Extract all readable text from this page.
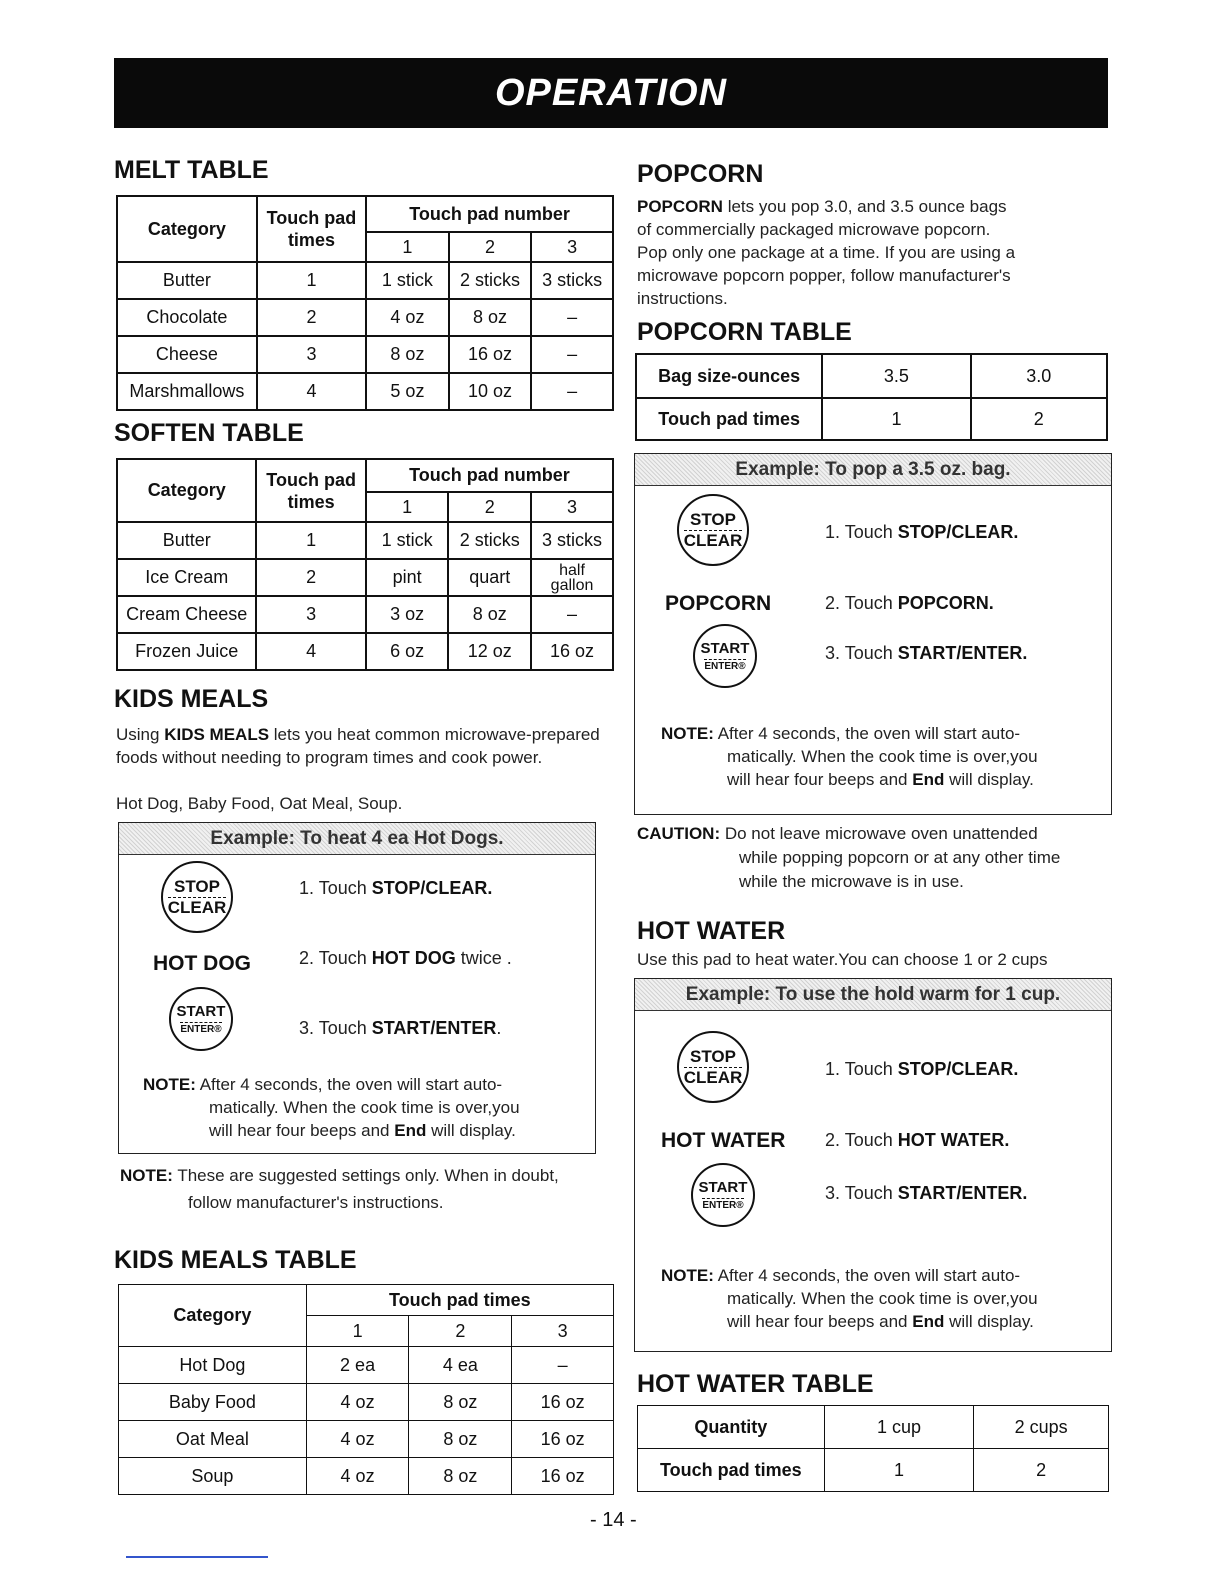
OPERATION
MELT TABLE
Category	Touch pad times	Touch pad number		
		1	2	3
Butter	1	1 stick	2 sticks	3 sticks
Chocolate	2	4 oz	8 oz	–
Cheese	3	8 oz	16 oz	–
Marshmallows	4	5 oz	10 oz	–
SOFTEN TABLE
Category	Touch pad times	Touch pad number		
		1	2	3
Butter	1	1 stick	2 sticks	3 sticks
Ice Cream	2	pint	quart	half gallon
Cream Cheese	3	3 oz	8 oz	–
Frozen Juice	4	6 oz	12 oz	16 oz
KIDS MEALS
Using KIDS MEALS lets you heat common microwave-prepared foods without needing to program times and cook power.
Hot Dog, Baby Food, Oat Meal, Soup.
Example: To heat 4 ea Hot Dogs.
STOP
CLEAR
1. Touch STOP/CLEAR.
HOT DOG	2. Touch HOT DOG twice .
START
ENTER®	3. Touch START/ENTER.
NOTE: After 4 seconds, the oven will start auto-
matically. When the cook time is over,you
will hear four beeps and End will display.
NOTE: These are suggested settings only. When in doubt,
follow manufacturer's instructions.
KIDS MEALS TABLE
Category	Touch pad times		
	1	2	3
Hot Dog	2 ea	4 ea	–
Baby Food	4 oz	8 oz	16 oz
Oat Meal	4 oz	8 oz	16 oz
Soup	4 oz	8 oz	16 oz
POPCORN
POPCORN lets you pop 3.0, and 3.5 ounce bags
of commercially packaged microwave popcorn.
Pop only one package at a time. If you are using a
microwave popcorn popper, follow manufacturer's
instructions.
POPCORN TABLE
Bag size-ounces	3.5	3.0
Touch pad times	1	2
Example: To pop a 3.5 oz. bag.
STOP
CLEAR	1. Touch STOP/CLEAR.
POPCORN	2. Touch POPCORN.
START
ENTER®
3. Touch START/ENTER.
NOTE: After 4 seconds, the oven will start auto-
matically. When the cook time is over,you
will hear four beeps and End will display.
CAUTION: Do not leave microwave oven unattended
while popping popcorn or at any other time
while the microwave is in use.
HOT WATER
Use this pad to heat water.You can choose 1 or 2 cups
Example: To use the hold warm for 1 cup.
STOP
CLEAR	1. Touch STOP/CLEAR.
HOT WATER 2. Touch HOT WATER.
START
ENTER®
3. Touch START/ENTER.
NOTE: After 4 seconds, the oven will start auto-
matically. When the cook time is over,you
will hear four beeps and End will display.
HOT WATER TABLE
Quantity	1 cup	2 cups
Touch pad times	1	2
- 14 -
